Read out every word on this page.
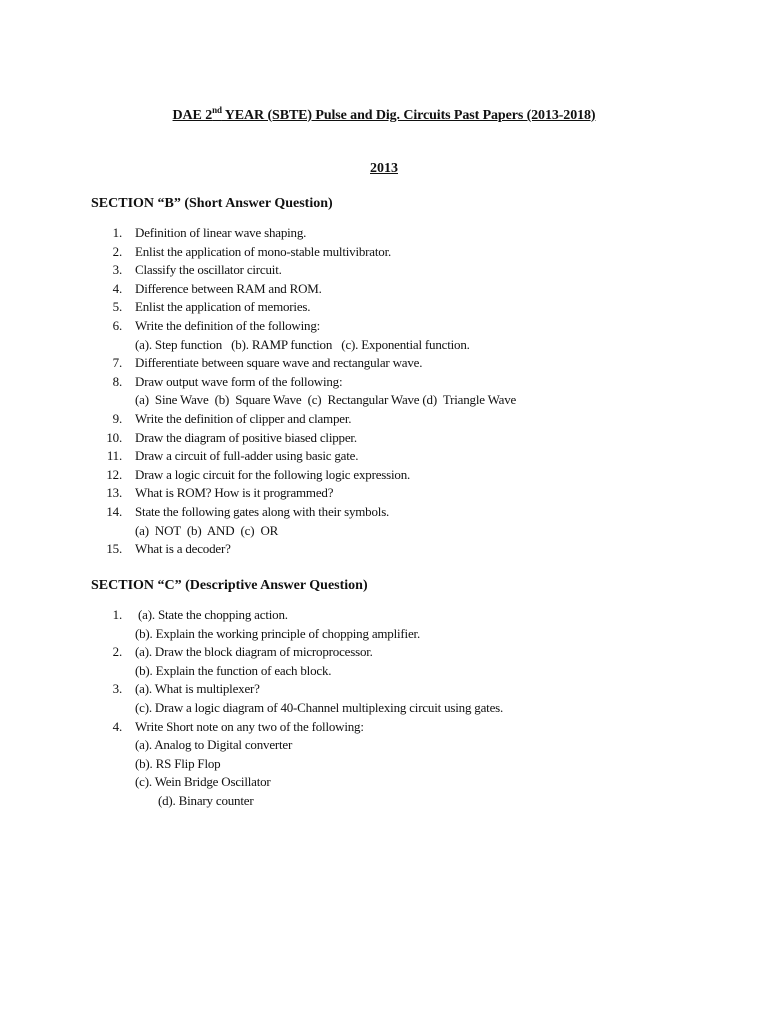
DAE 2nd YEAR (SBTE) Pulse and Dig. Circuits Past Papers (2013-2018)
2013
SECTION “B” (Short Answer Question)
1. Definition of linear wave shaping.
2. Enlist the application of mono-stable multivibrator.
3. Classify the oscillator circuit.
4. Difference between RAM and ROM.
5. Enlist the application of memories.
6. Write the definition of the following:
(a). Step function   (b). RAMP function   (c). Exponential function.
7. Differentiate between square wave and rectangular wave.
8. Draw output wave form of the following:
(a)  Sine Wave  (b)  Square Wave  (c)  Rectangular Wave (d)  Triangle Wave
9. Write the definition of clipper and clamper.
10. Draw the diagram of positive biased clipper.
11. Draw a circuit of full-adder using basic gate.
12. Draw a logic circuit for the following logic expression.
13. What is ROM? How is it programmed?
14. State the following gates along with their symbols.
(a)  NOT  (b)  AND  (c)  OR
15. What is a decoder?
SECTION “C” (Descriptive Answer Question)
1. (a). State the chopping action.
(b). Explain the working principle of chopping amplifier.
2. (a). Draw the block diagram of microprocessor.
(b). Explain the function of each block.
3. (a). What is multiplexer?
(c). Draw a logic diagram of 40-Channel multiplexing circuit using gates.
4. Write Short note on any two of the following:
(a). Analog to Digital converter
(b). RS Flip Flop
(c). Wein Bridge Oscillator
(d). Binary counter
